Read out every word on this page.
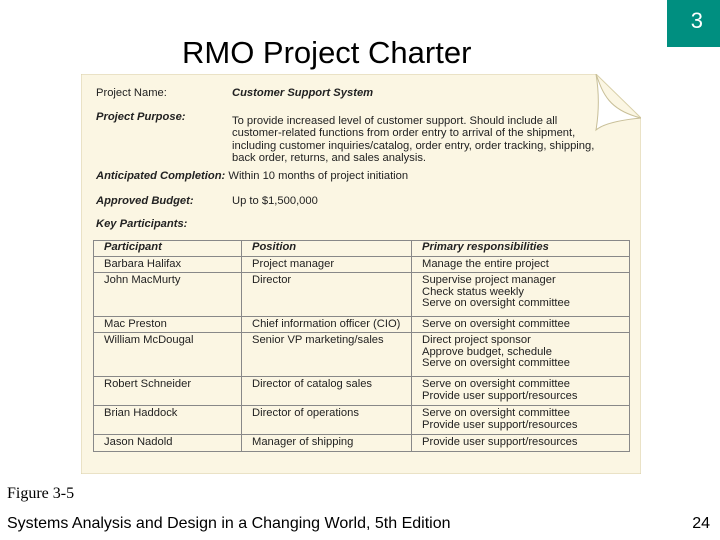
3
RMO Project Charter
Project Name:	Customer Support System
Project Purpose:	To provide increased level of customer support. Should include all
customer-related functions from order entry to arrival of the shipment,
including customer inquiries/catalog, order entry, order tracking, shipping,
back order, returns, and sales analysis.
Anticipated Completion: Within 10 months of project initiation
Approved Budget:	Up to $1,500,000
Key Participants:
Participant	Position	Primary responsibilities
Barbara Halifax	Project manager	Manage the entire project

John MacMurty	Director	Supervise project manager
Check status weekly
Serve on oversight committee

Mac Preston	Chief information officer (CIO)	Serve on oversight committee

William McDougal	Senior VP marketing/sales	Direct project sponsor
Approve budget, schedule
Serve on oversight committee

Robert Schneider	Director of catalog sales	Serve on oversight committee
Provide user support/resources

Brian Haddock	Director of operations	Serve on oversight committee
Provide user support/resources

Jason Nadold	Manager of shipping	Provide user support/resources
Figure 3-5
Systems Analysis and Design in a Changing World, 5th Edition	24
